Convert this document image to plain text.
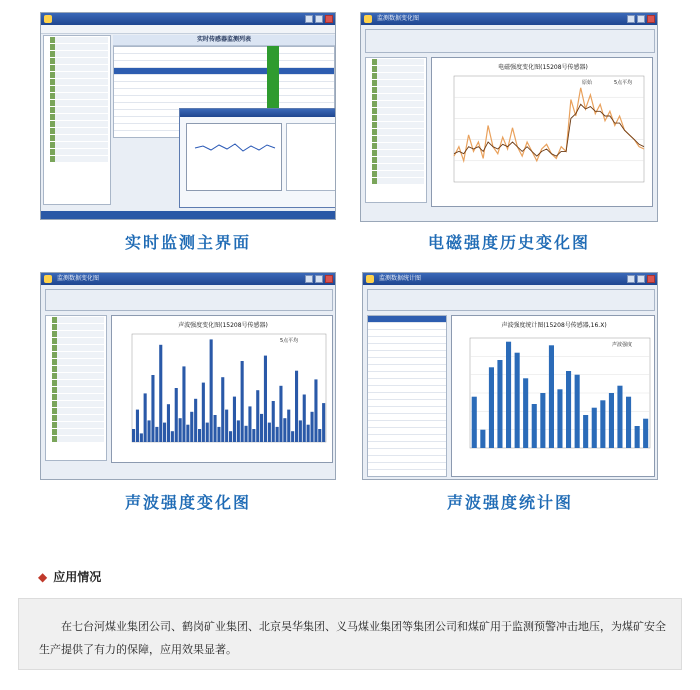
实时传感器监测列表
实时监测主界面
监测数据变化图
电磁强度变化图(15208号传感器)
原始	5点平均
电磁强度历史变化图
监测数据变化图
声波强度变化图(15208号传感器)
5点平均
声波强度变化图
监测数据统计图
声波强度统计图(15208号传感器,16.X)
声波强度
声波强度统计图
◆ 应用情况
在七台河煤业集团公司、鹤岗矿业集团、北京昊华集团、义马煤业集团等集团公司和煤矿用于监测预警冲击地压，为煤矿安全生产提供了有力的保障，应用效果显著。
